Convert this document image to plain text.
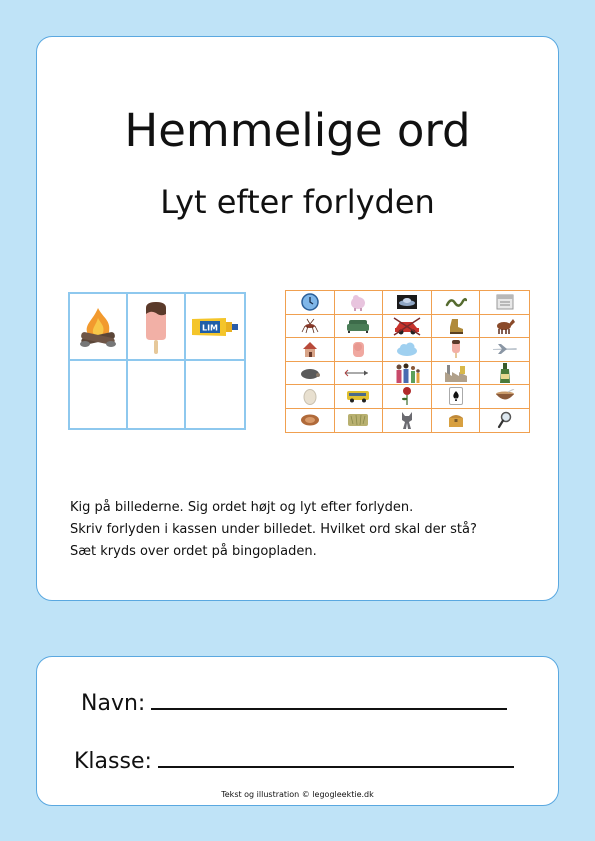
Hemmelige ord
Lyt efter forlyden
LIM
Kig på billederne. Sig ordet højt og lyt efter forlyden.
Skriv forlyden i kassen under billedet. Hvilket ord skal der stå?
Sæt kryds over ordet på bingopladen.
Navn:
Klasse:
Tekst og illustration © legogleektie.dk
